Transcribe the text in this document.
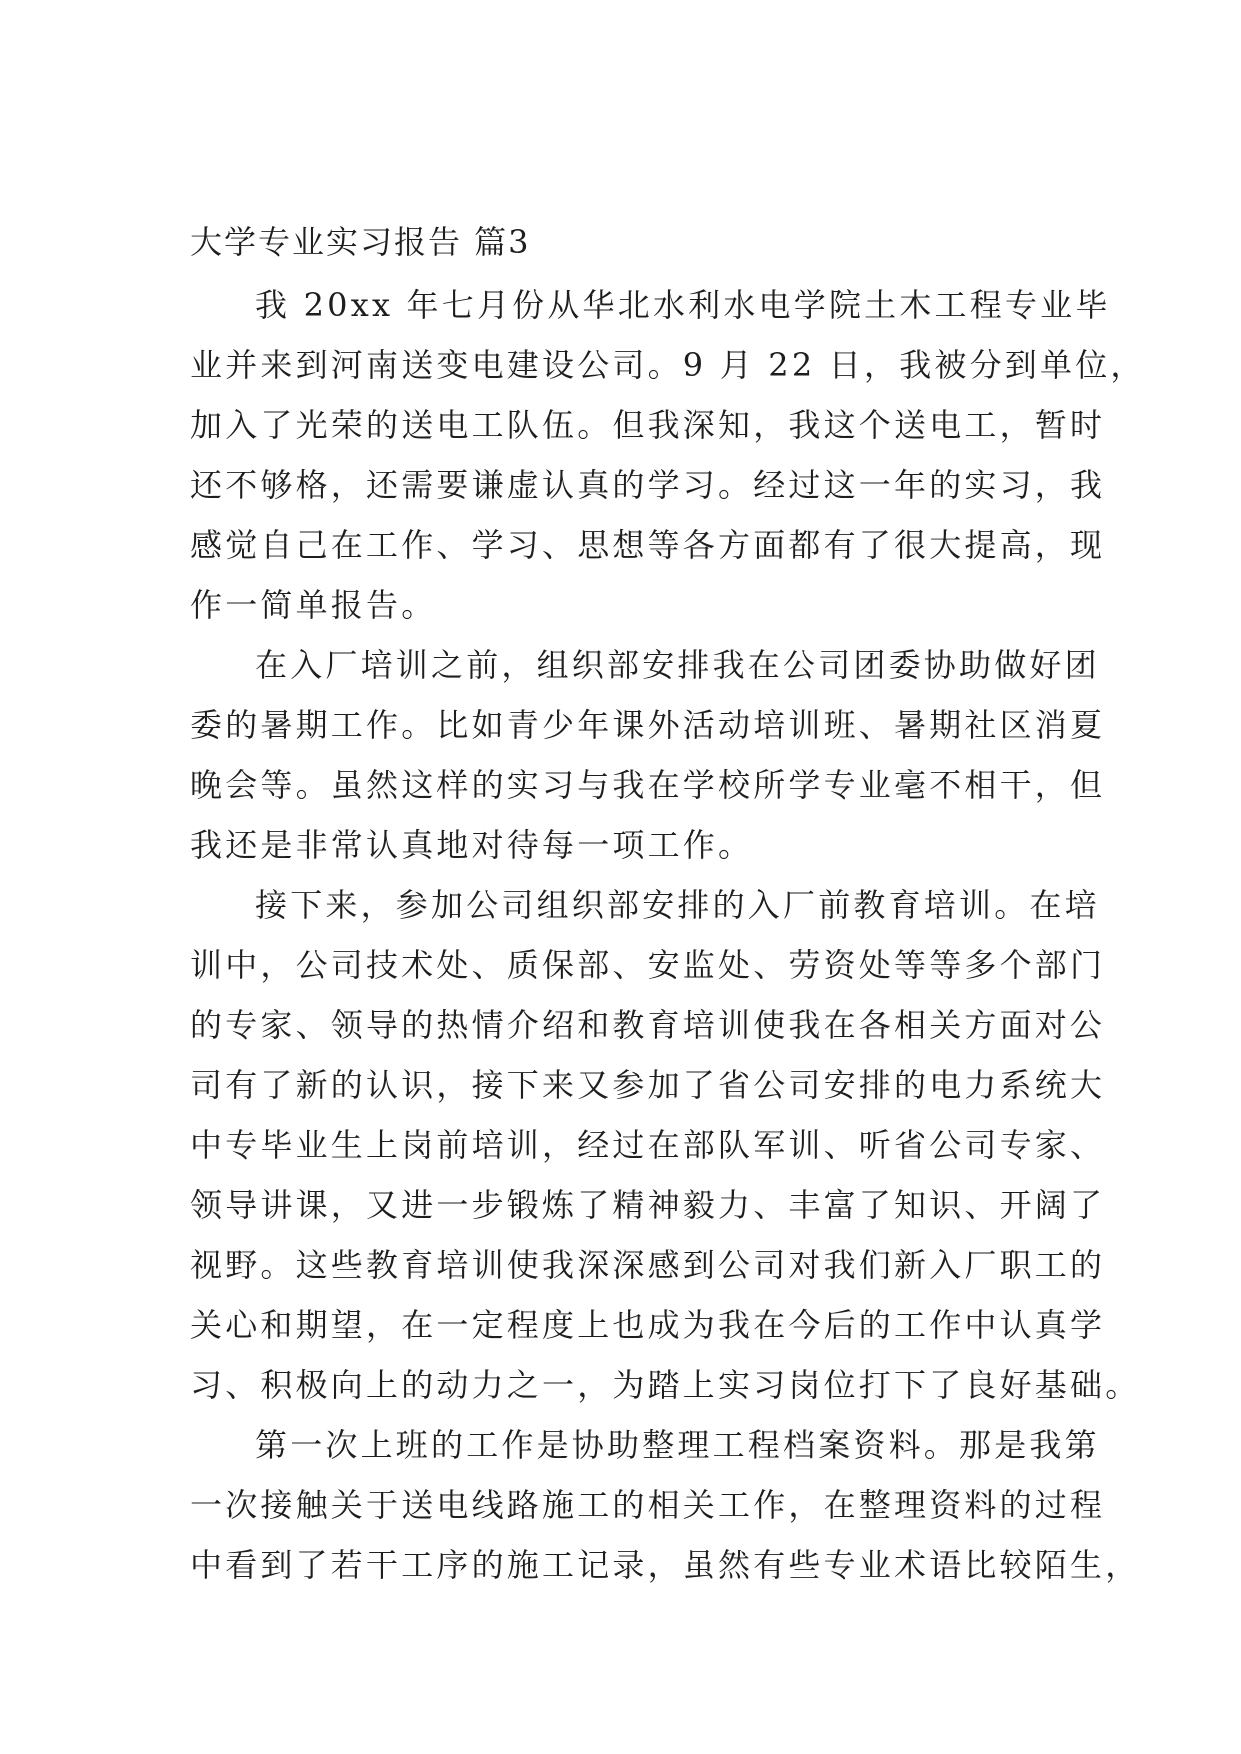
大学专业实习报告 篇3
我 20xx 年七月份从华北水利水电学院土木工程专业毕
业并来到河南送变电建设公司。9 月 22 日，我被分到单位，
加入了光荣的送电工队伍。但我深知，我这个送电工，暂时
还不够格，还需要谦虚认真的学习。经过这一年的实习，我
感觉自己在工作、学习、思想等各方面都有了很大提高，现
作一简单报告。
在入厂培训之前，组织部安排我在公司团委协助做好团
委的暑期工作。比如青少年课外活动培训班、暑期社区消夏
晚会等。虽然这样的实习与我在学校所学专业毫不相干，但
我还是非常认真地对待每一项工作。
接下来，参加公司组织部安排的入厂前教育培训。在培
训中，公司技术处、质保部、安监处、劳资处等等多个部门
的专家、领导的热情介绍和教育培训使我在各相关方面对公
司有了新的认识，接下来又参加了省公司安排的电力系统大
中专毕业生上岗前培训，经过在部队军训、听省公司专家、
领导讲课，又进一步锻炼了精神毅力、丰富了知识、开阔了
视野。这些教育培训使我深深感到公司对我们新入厂职工的
关心和期望，在一定程度上也成为我在今后的工作中认真学
习、积极向上的动力之一，为踏上实习岗位打下了良好基础。
第一次上班的工作是协助整理工程档案资料。那是我第
一次接触关于送电线路施工的相关工作，在整理资料的过程
中看到了若干工序的施工记录，虽然有些专业术语比较陌生，
